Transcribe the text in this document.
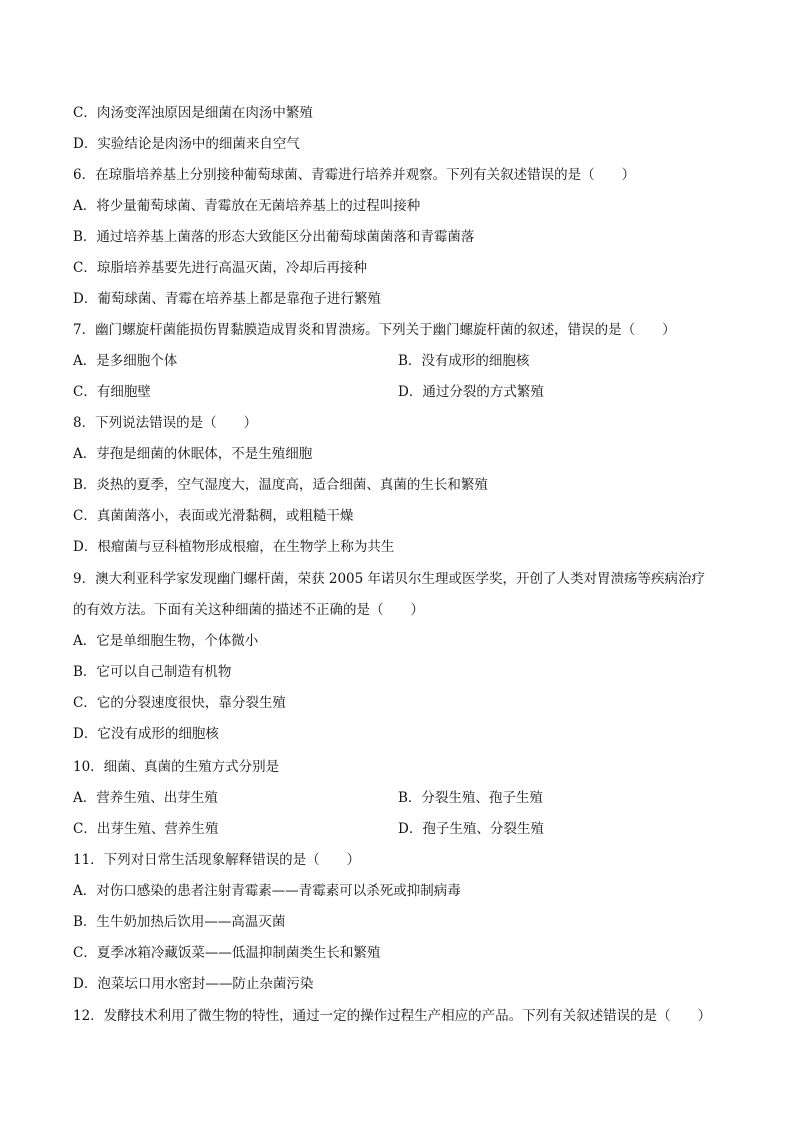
C．肉汤变浑浊原因是细菌在肉汤中繁殖
D．实验结论是肉汤中的细菌来自空气
6．在琼脂培养基上分别接种葡萄球菌、青霉进行培养并观察。下列有关叙述错误的是（　　）
A．将少量葡萄球菌、青霉放在无菌培养基上的过程叫接种
B．通过培养基上菌落的形态大致能区分出葡萄球菌菌落和青霉菌落
C．琼脂培养基要先进行高温灭菌，冷却后再接种
D．葡萄球菌、青霉在培养基上都是靠孢子进行繁殖
7．幽门螺旋杆菌能损伤胃黏膜造成胃炎和胃溃疡。下列关于幽门螺旋杆菌的叙述，错误的是（　　）
A．是多细胞个体	B．没有成形的细胞核
C．有细胞壁	D．通过分裂的方式繁殖
8．下列说法错误的是（　　）
A．芽孢是细菌的休眠体，不是生殖细胞
B．炎热的夏季，空气湿度大，温度高，适合细菌、真菌的生长和繁殖
C．真菌菌落小，表面或光滑黏稠，或粗糙干燥
D．根瘤菌与豆科植物形成根瘤，在生物学上称为共生
9．澳大利亚科学家发现幽门螺杆菌，荣获 2005 年诺贝尔生理或医学奖，开创了人类对胃溃疡等疾病治疗
的有效方法。下面有关这种细菌的描述不正确的是（　　）
A．它是单细胞生物，个体微小
B．它可以自己制造有机物
C．它的分裂速度很快，靠分裂生殖
D．它没有成形的细胞核
10．细菌、真菌的生殖方式分别是
A．营养生殖、出芽生殖	B．分裂生殖、孢子生殖
C．出芽生殖、营养生殖	D．孢子生殖、分裂生殖
11．下列对日常生活现象解释错误的是（　　）
A．对伤口感染的患者注射青霉素——青霉素可以杀死或抑制病毒
B．生牛奶加热后饮用——高温灭菌
C．夏季冰箱冷藏饭菜——低温抑制菌类生长和繁殖
D．泡菜坛口用水密封——防止杂菌污染
12．发酵技术利用了微生物的特性，通过一定的操作过程生产相应的产品。下列有关叙述错误的是（　　）
